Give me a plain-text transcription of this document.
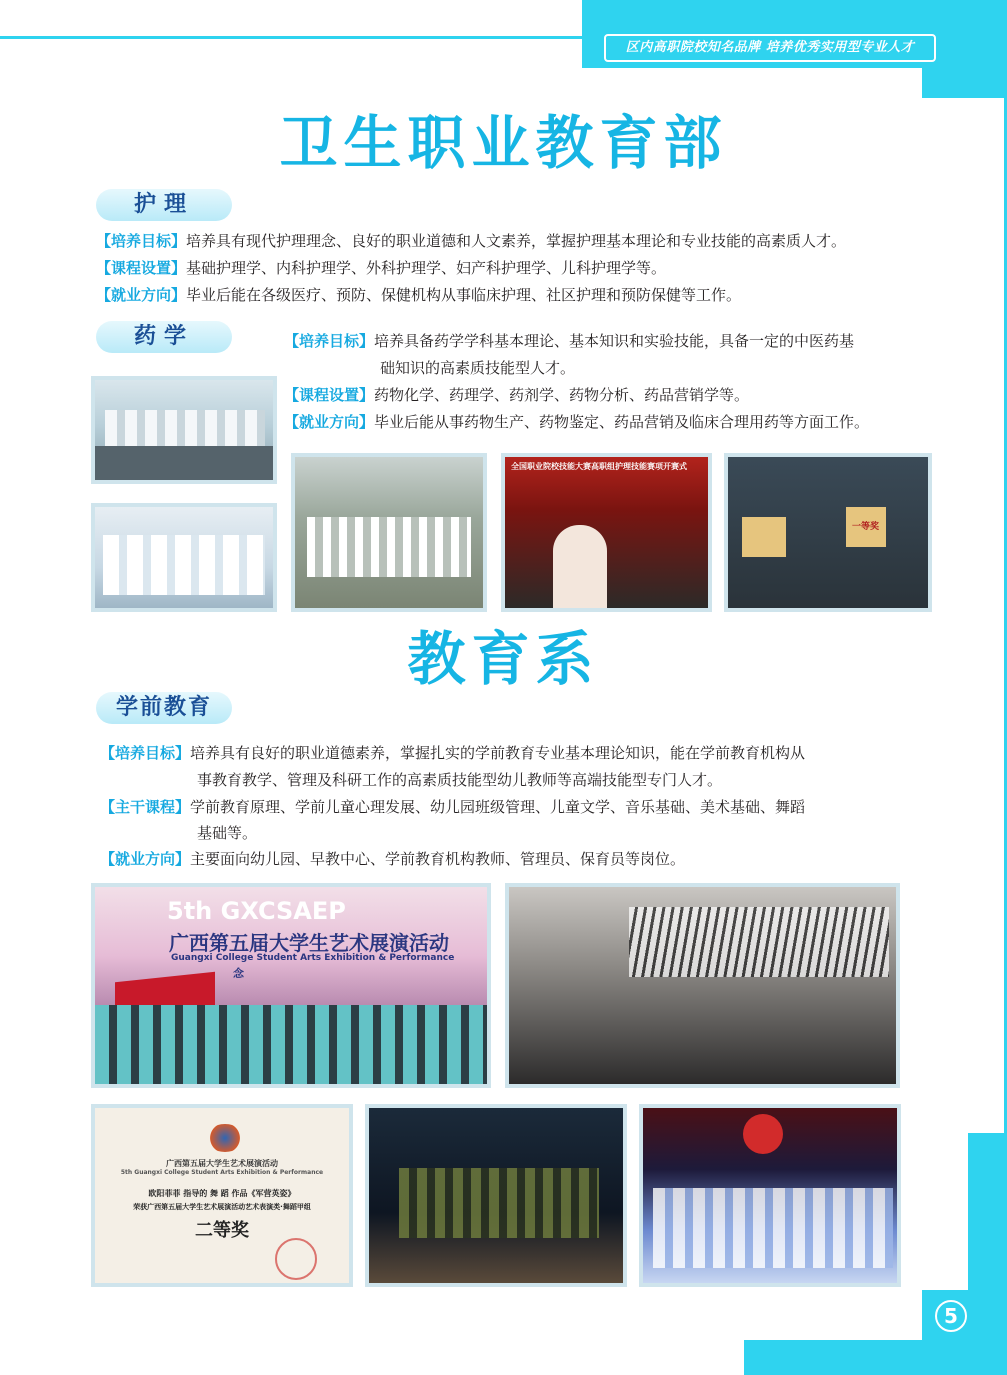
区内高职院校知名品牌 培养优秀实用型专业人才
5
卫生职业教育部
护理
【培养目标】培养具有现代护理理念、良好的职业道德和人文素养，掌握护理基本理论和专业技能的高素质人才。
【课程设置】基础护理学、内科护理学、外科护理学、妇产科护理学、儿科护理学等。
【就业方向】毕业后能在各级医疗、预防、保健机构从事临床护理、社区护理和预防保健等工作。
药学	【培养目标】培养具备药学学科基本理论、基本知识和实验技能，具备一定的中医药基
础知识的高素质技能型人才。
【课程设置】药物化学、药理学、药剂学、药物分析、药品营销学等。
【就业方向】毕业后能从事药物生产、药物鉴定、药品营销及临床合理用药等方面工作。
全国职业院校技能大赛高职组护理技能赛项开赛式
一等奖
教育系
学前教育
【培养目标】培养具有良好的职业道德素养，掌握扎实的学前教育专业基本理论知识，能在学前教育机构从
事教育教学、管理及科研工作的高素质技能型幼儿教师等高端技能型专门人才。
【主干课程】学前教育原理、学前儿童心理发展、幼儿园班级管理、儿童文学、音乐基础、美术基础、舞蹈
基础等。
【就业方向】主要面向幼儿园、早教中心、学前教育机构教师、管理员、保育员等岗位。
5th GXCSAEP
广西第五届大学生艺术展演活动
Guangxi College Student Arts Exhibition & Performance
念
广西第五届大学生艺术展演活动
5th Guangxi College Student Arts Exhibition & Performance
欧阳菲菲 指导的 舞 蹈 作品《军营英姿》
荣获广西第五届大学生艺术展演活动艺术表演类·舞蹈甲组
二等奖
